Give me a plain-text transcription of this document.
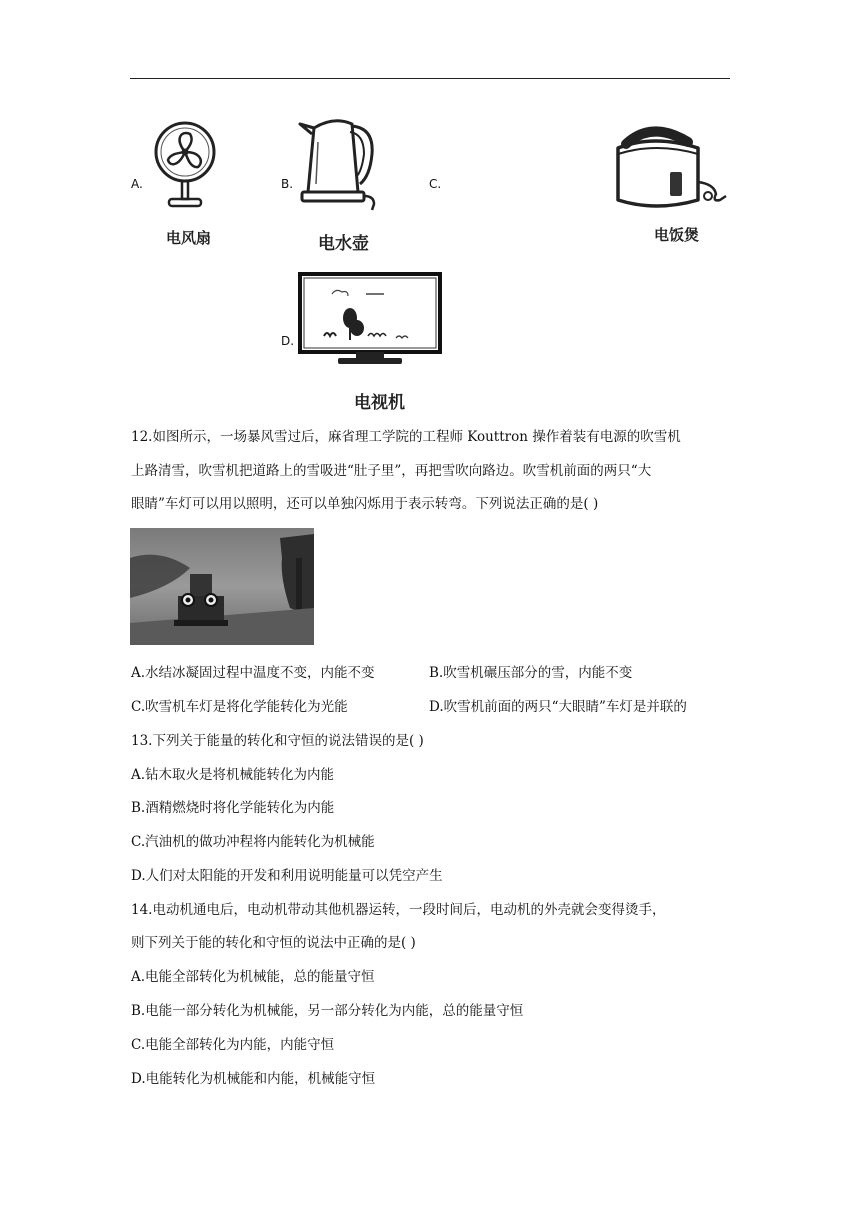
A.
电风扇
B.
电水壶
C.
电饭煲
D.
电视机
12.如图所示，一场暴风雪过后，麻省理工学院的工程师 Kouttron 操作着装有电源的吹雪机
上路清雪，吹雪机把道路上的雪吸进“肚子里”，再把雪吹向路边。吹雪机前面的两只“大
眼睛”车灯可以用以照明，还可以单独闪烁用于表示转弯。下列说法正确的是( )
A.水结冰凝固过程中温度不变，内能不变	B.吹雪机碾压部分的雪，内能不变
C.吹雪机车灯是将化学能转化为光能	D.吹雪机前面的两只“大眼睛”车灯是并联的
13.下列关于能量的转化和守恒的说法错误的是( )
A.钻木取火是将机械能转化为内能
B.酒精燃烧时将化学能转化为内能
C.汽油机的做功冲程将内能转化为机械能
D.人们对太阳能的开发和利用说明能量可以凭空产生
14.电动机通电后，电动机带动其他机器运转，一段时间后，电动机的外壳就会变得烫手，
则下列关于能的转化和守恒的说法中正确的是( )
A.电能全部转化为机械能，总的能量守恒
B.电能一部分转化为机械能，另一部分转化为内能，总的能量守恒
C.电能全部转化为内能，内能守恒
D.电能转化为机械能和内能，机械能守恒
